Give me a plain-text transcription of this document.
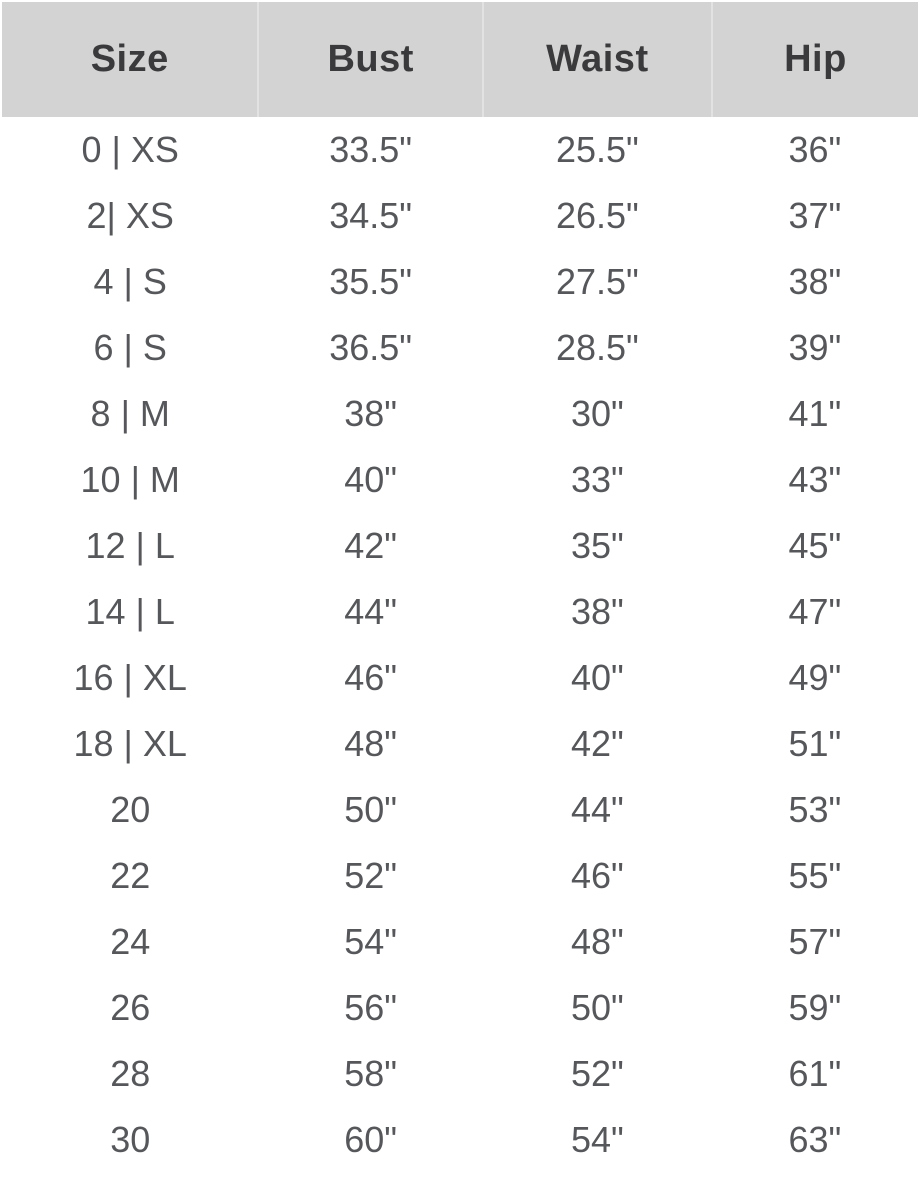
Size	Bust	Waist	Hip
0 | XS	33.5"	25.5"	36"
2| XS	34.5"	26.5"	37"
4 | S	35.5"	27.5"	38"
6 | S	36.5"	28.5"	39"
8 | M	38"	30"	41"
10 | M	40"	33"	43"
12 | L	42"	35"	45"
14 | L	44"	38"	47"
16 | XL	46"	40"	49"
18 | XL	48"	42"	51"
20	50"	44"	53"
22	52"	46"	55"
24	54"	48"	57"
26	56"	50"	59"
28	58"	52"	61"
30	60"	54"	63"
